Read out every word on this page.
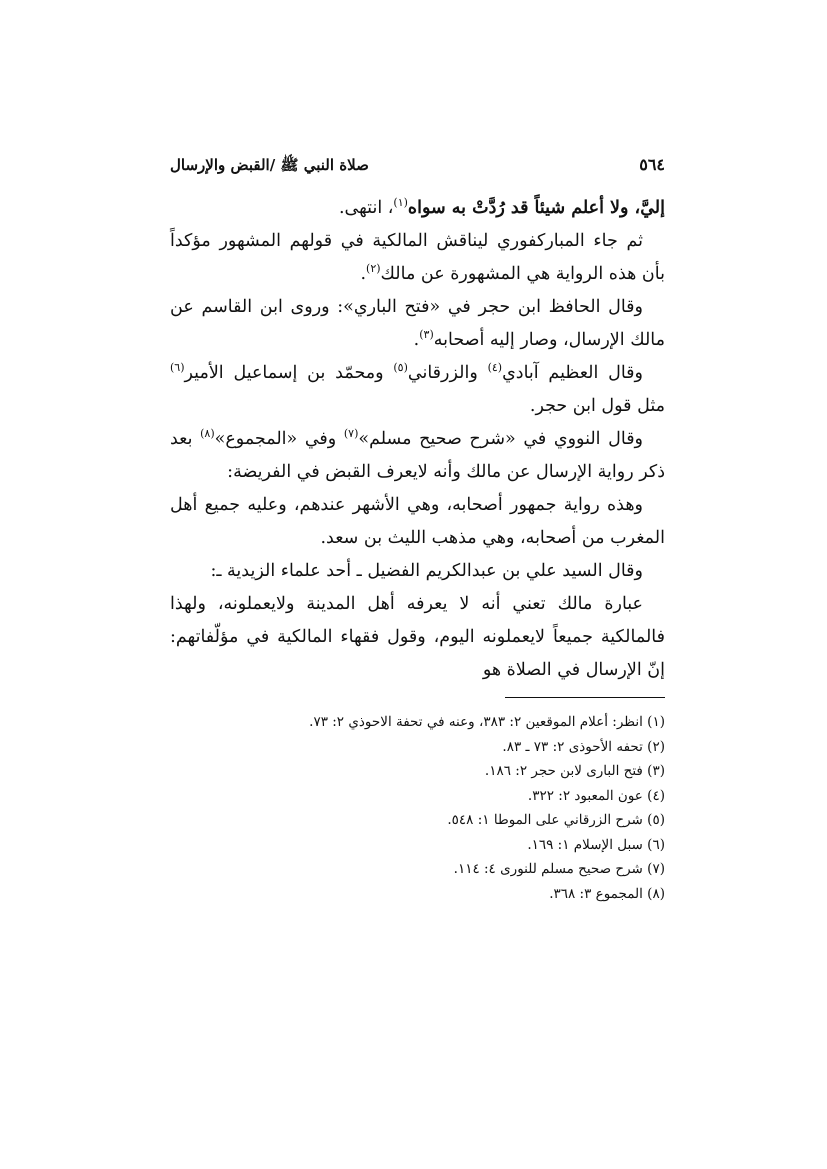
٥٦٤
صلاة النبي ﷺ /القبض والإرسال

إليَّ، ولا أعلم شيئاً قد رُدَّتْ به سواه$^{(١)}$، انتهى.

ثم جاء المباركفوري ليناقش المالكية في قولهم المشهور مؤكداً بأن هذه الرواية هي المشهورة عن مالك$^{(٢)}$.

وقال الحافظ ابن حجر في «فتح الباري»: وروى ابن القاسم عن مالك الإرسال، وصار إليه أصحابه$^{(٣)}$.

وقال العظيم آبادي$^{(٤)}$ والزرقاني$^{(٥)}$ ومحمّد بن إسماعيل الأمير$^{(٦)}$ مثل قول ابن حجر.

وقال النووي في «شرح صحيح مسلم»$^{(٧)}$ وفي «المجموع»$^{(٨)}$ بعد ذكر رواية الإرسال عن مالك وأنه لايعرف القبض في الفريضة:

وهذه رواية جمهور أصحابه، وهي الأشهر عندهم، وعليه جميع أهل المغرب من أصحابه، وهي مذهب الليث بن سعد.

وقال السيد علي بن عبدالكريم الفضيل ـ أحد علماء الزيدية ـ:

عبارة مالك تعني أنه لا يعرفه أهل المدينة ولايعملونه، ولهذا فالمالكية جميعاً لايعملونه اليوم، وقول فقهاء المالكية في مؤلّفاتهم: إنّ الإرسال في الصلاة هو

(١) انظر: أعلام الموقعين ٢: ٣٨٣، وعنه في تحفة الاحوذي ٢: ٧٣.
(٢) تحفه الأحوذى ٢: ٧٣ ـ ٨٣.
(٣) فتح البارى لابن حجر ٢: ١٨٦.
(٤) عون المعبود ٢: ٣٢٢.
(٥) شرح الزرقاني على الموطا ١: ٥٤٨.
(٦) سبل الإسلام ١: ١٦٩.
(٧) شرح صحيح مسلم للنورى ٤: ١١٤.
(٨) المجموع ٣: ٣٦٨.
